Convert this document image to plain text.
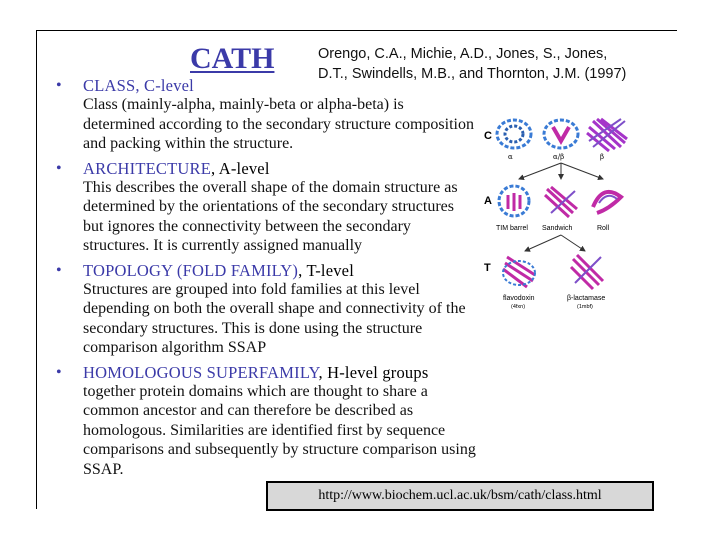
CATH	Orengo, C.A., Michie, A.D., Jones, S., Jones,
D.T., Swindells, M.B., and Thornton, J.M. (1997)
• CLASS, C-level
Class (mainly-alpha, mainly-beta or alpha-beta) is determined according to the secondary structure composition and packing within the structure.
• ARCHITECTURE, A-level
This describes the overall shape of the domain structure as determined by the orientations of the secondary structures but ignores the connectivity between the secondary structures. It is currently assigned manually
• TOPOLOGY (FOLD FAMILY), T-level
Structures are grouped into fold families at this level depending on both the overall shape and connectivity of the secondary structures. This is done using the structure comparison algorithm SSAP
• HOMOLOGOUS SUPERFAMILY, H-level groups
together protein domains which are thought to share a common ancestor and can therefore be described as homologous. Similarities are identified first by sequence comparisons and subsequently by structure comparison using SSAP.
C
A
T
α	α/β	β
TIM barrel Sandwich	Roll
flavodoxin	β-lactamase
(4fxn)	(1mbf)
http://www.biochem.ucl.ac.uk/bsm/cath/class.html
